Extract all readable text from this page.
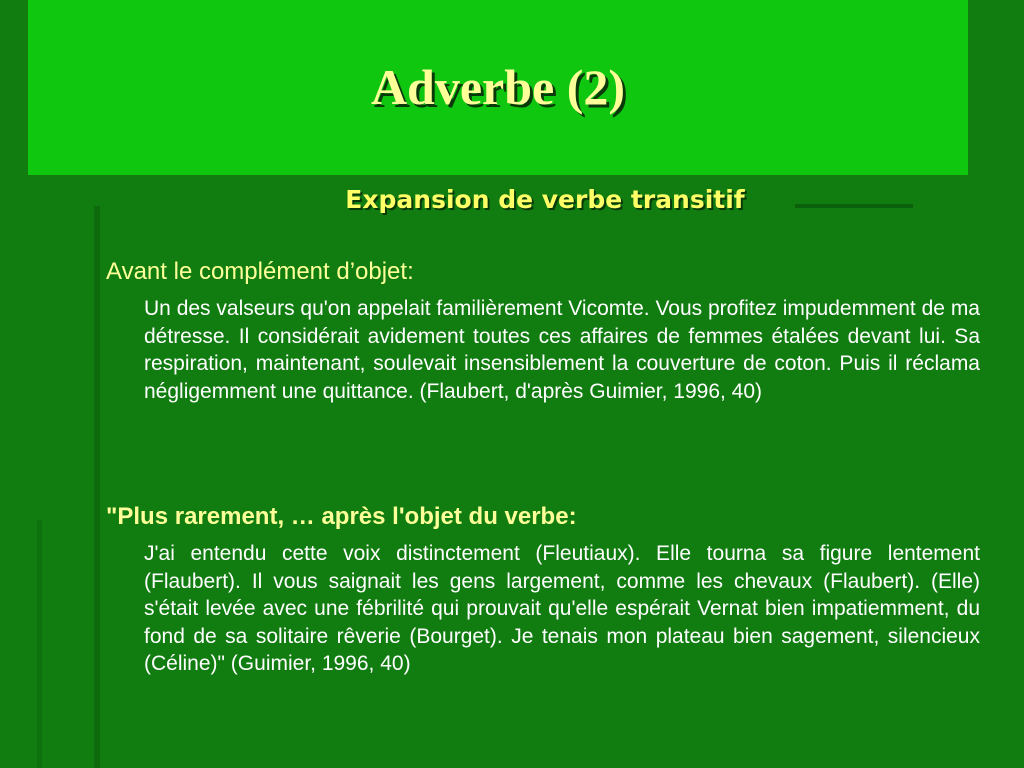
Adverbe (2)
Expansion de verbe transitif

Avant le complément d’objet:

Un des valseurs qu'on appelait familièrement Vicomte. Vous profitez impudemment de ma détresse. Il considérait avidement toutes ces affaires de femmes étalées devant lui. Sa respiration, maintenant, soulevait insensiblement la couverture de coton. Puis il réclama négligemment une quittance. (Flaubert, d'après Guimier, 1996, 40)

"Plus rarement, … après l'objet du verbe:

J'ai entendu cette voix distinctement (Fleutiaux). Elle tourna sa figure lentement (Flaubert). Il vous saignait les gens largement, comme les chevaux (Flaubert). (Elle) s'était levée avec une fébrilité qui prouvait qu'elle espérait Vernat bien impatiemment, du fond de sa solitaire rêverie (Bourget). Je tenais mon plateau bien sagement, silencieux (Céline)" (Guimier, 1996, 40)
